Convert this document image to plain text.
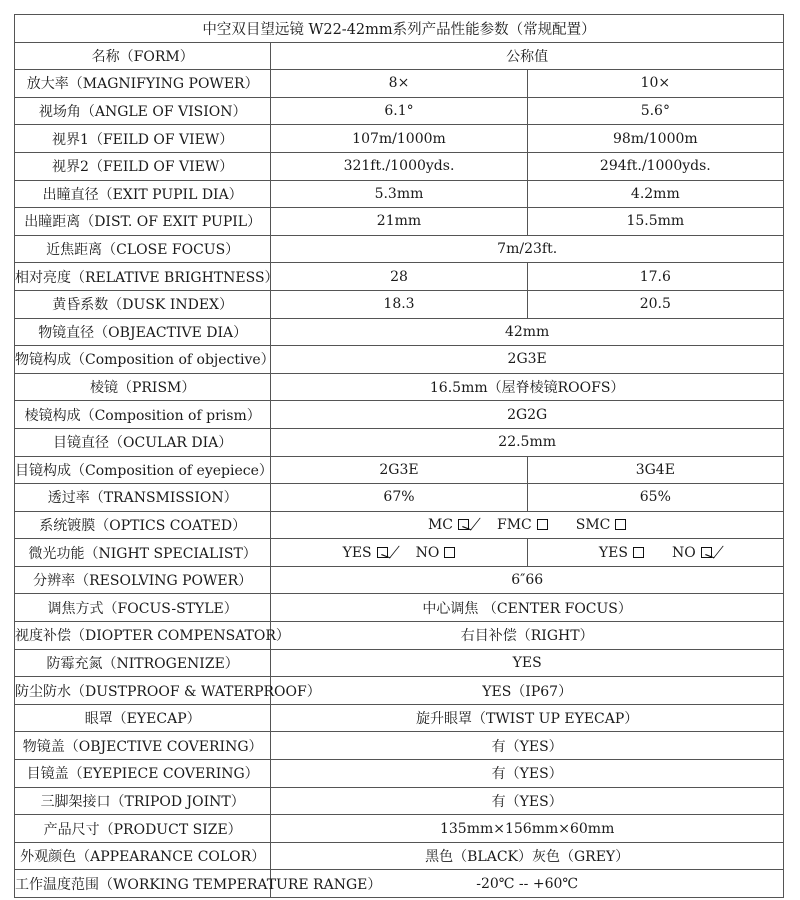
中空双目望远镜 W22-42mm系列产品性能参数（常规配置）		
名称（FORM）	公称值	
放大率（MAGNIFYING POWER）	8×	10×
视场角（ANGLE OF VISION）	6.1°	5.6°
视界1（FEILD OF VIEW）	107m/1000m	98m/1000m
视界2（FEILD OF VIEW）	321ft./1000yds.	294ft./1000yds.
出瞳直径（EXIT PUPIL DIA）	5.3mm	4.2mm
出瞳距离（DIST. OF EXIT PUPIL）	21mm	15.5mm
近焦距离（CLOSE FOCUS）	7m/23ft.	
相对亮度（RELATIVE BRIGHTNESS）	28	17.6
黄昏系数（DUSK INDEX）	18.3	20.5
物镜直径（OBJEACTIVE DIA）	42mm	
物镜构成（Composition of objective）	2G3E	
棱镜（PRISM）	16.5mm（屋脊棱镜ROOFS）	
棱镜构成（Composition of prism）	2G2G	
目镜直径（OCULAR DIA）	22.5mm	
目镜构成（Composition of eyepiece）	2G3E	3G4E
透过率（TRANSMISSION）	67%	65%
系统镀膜（OPTICS COATED）	MC FMC SMC	
微光功能（NIGHT SPECIALIST）	YES NO	YES NO
分辨率（RESOLVING POWER）	6″66	
调焦方式（FOCUS-STYLE）	中心调焦 （CENTER FOCUS）	
视度补偿（DIOPTER COMPENSATOR）	右目补偿（RIGHT）	
防霉充氮（NITROGENIZE）	YES	
防尘防水（DUSTPROOF & WATERPROOF）	YES（IP67）	
眼罩（EYECAP）	旋升眼罩（TWIST UP EYECAP）	
物镜盖（OBJECTIVE COVERING）	有（YES）	
目镜盖（EYEPIECE COVERING）	有（YES）	
三脚架接口（TRIPOD JOINT）	有（YES）	
产品尺寸（PRODUCT SIZE）	135mm×156mm×60mm	
外观颜色（APPEARANCE COLOR）	黑色（BLACK）灰色（GREY）	
工作温度范围（WORKING TEMPERATURE RANGE）	-20℃ -- +60℃	
